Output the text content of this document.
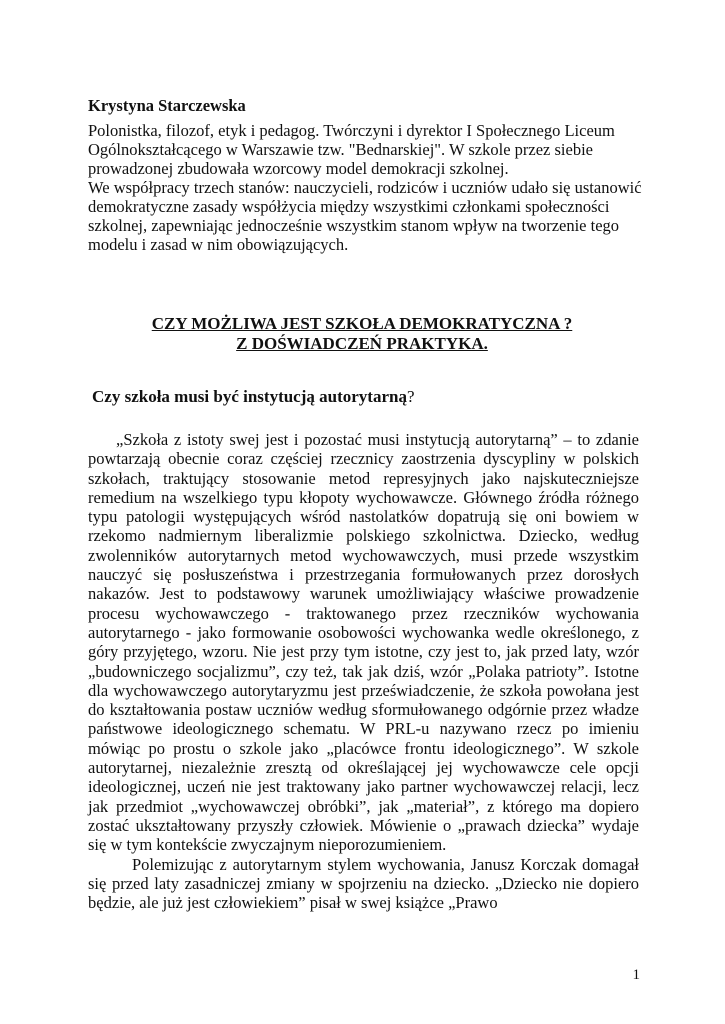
Krystyna Starczewska

Polonistka, filozof, etyk i pedagog. Twórczyni i dyrektor I Społecznego Liceum Ogólnokształcącego w Warszawie tzw. "Bednarskiej". W szkole przez siebie prowadzonej zbudowała wzorcowy model demokracji szkolnej.

We współpracy trzech stanów: nauczycieli, rodziców i uczniów udało się ustanowić demokratyczne zasady współżycia między wszystkimi członkami społeczności szkolnej, zapewniając jednocześnie wszystkim stanom wpływ na tworzenie tego modelu i zasad w nim obowiązujących.

CZY MOŻLIWA JEST SZKOŁA DEMOKRATYCZNA ?
Z DOŚWIADCZEŃ PRAKTYKA.

Czy szkoła musi być instytucją autorytarną?

„Szkoła z istoty swej jest i pozostać musi instytucją autorytarną” – to zdanie powtarzają obecnie coraz częściej rzecznicy zaostrzenia dyscypliny w polskich szkołach, traktujący stosowanie metod represyjnych jako najskuteczniejsze remedium na wszelkiego typu kłopoty wychowawcze. Głównego źródła różnego typu patologii występujących wśród nastolatków dopatrują się oni bowiem w rzekomo nadmiernym liberalizmie polskiego szkolnictwa. Dziecko, według zwolenników autorytarnych metod wychowawczych, musi przede wszystkim nauczyć się posłuszeństwa i przestrzegania formułowanych przez dorosłych nakazów. Jest to podstawowy warunek umożliwiający właściwe prowadzenie procesu wychowawczego - traktowanego przez rzeczników wychowania autorytarnego - jako formowanie osobowości wychowanka wedle określonego, z góry przyjętego, wzoru. Nie jest przy tym istotne, czy jest to, jak przed laty, wzór „budowniczego socjalizmu”, czy też, tak jak dziś, wzór „Polaka patrioty”. Istotne dla wychowawczego autorytaryzmu jest przeświadczenie, że szkoła powołana jest do kształtowania postaw uczniów według sformułowanego odgórnie przez władze państwowe ideologicznego schematu. W PRL-u nazywano rzecz po imieniu mówiąc po prostu o szkole jako „placówce frontu ideologicznego”. W szkole autorytarnej, niezależnie zresztą od określającej jej wychowawcze cele opcji ideologicznej, uczeń nie jest traktowany jako partner wychowawczej relacji, lecz jak przedmiot „wychowawczej obróbki”, jak „materiał”, z którego ma dopiero zostać ukształtowany przyszły człowiek. Mówienie o „prawach dziecka” wydaje się w tym kontekście zwyczajnym nieporozumieniem.

Polemizując z autorytarnym stylem wychowania, Janusz Korczak domagał się przed laty zasadniczej zmiany w spojrzeniu na dziecko. „Dziecko nie dopiero będzie, ale już jest człowiekiem” pisał w swej książce „Prawo

1
